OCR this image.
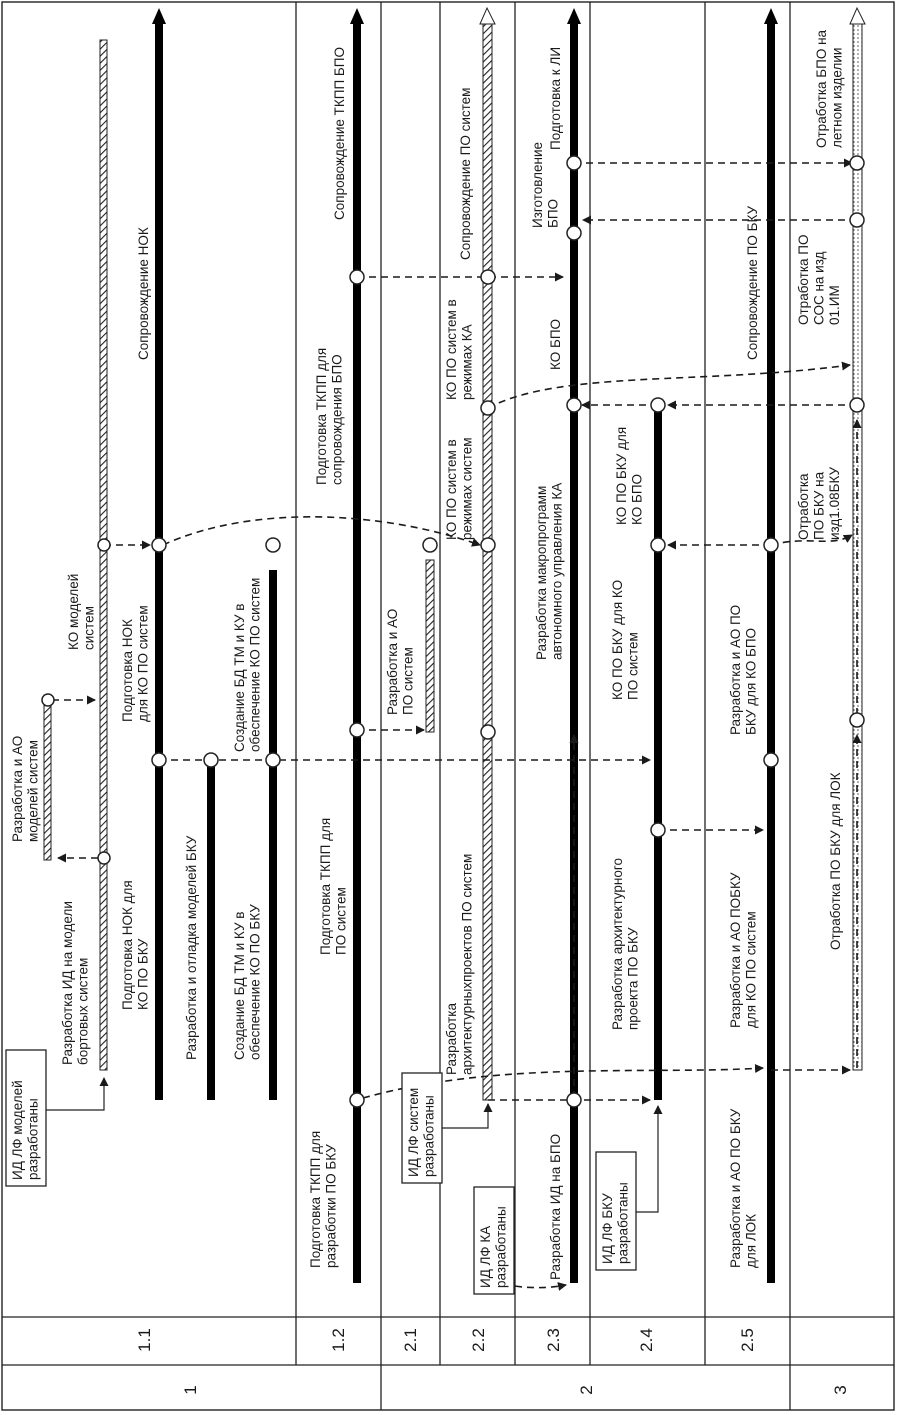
1.1	1.2	2.1	2.2	2.3	2.4	2.5
1	2	3
ИД ЛФ моделейразработаны	ИД ЛФ системразработаны
ИД ЛФ КАразработаны	ИД ЛФ БКУразработаны
Разработка ИД на моделибортовых систем
Разработка и АОмоделей систем
КО моделейсистем
Подготовка НОК дляКО ПО БКУ
Подготовка НОКдля КО ПО систем
Сопровождение НОК
Разработка и отладка моделей БКУ Создание БД ТМ и КУ вобеспечение КО ПО БКУ
Создание БД ТМ и КУ вобеспечение КО ПО систем
Подготовка ТКПП дляразработки ПО БКУ
Подготовка ТКПП дляПО систем
Подготовка ТКПП длясопровождения БПО
Сопровождение ТКПП БПО
Разработка и АОПО систем
Разработкаархитектурныхпроектов ПО систем
КО ПО систем врежимах систем
КО ПО систем врежимах КА
Сопровождение ПО систем
Разработка ИД на БПО
Разработка макропрограммавтономного управления КА
КО БПО
ИзготовлениеБПО
Подготовка к ЛИ
Разработка архитектурногопроекта ПО БКУ
КО ПО БКУ для КОПО систем
КО ПО БКУ дляКО БПО
Разработка и АО ПО БКУдля ЛОК
Разработка и АО ПОБКУдля КО ПО систем
Разработка и АО ПОБКУ для КО БПО
Сопровождение ПО БКУ
Отработка ПО БКУ для ЛОК
ОтработкаПО БКУ наизд1.08БКУ
Отработка ПОСОС на изд01.ИМ
Отработка БПО налетном изделии
